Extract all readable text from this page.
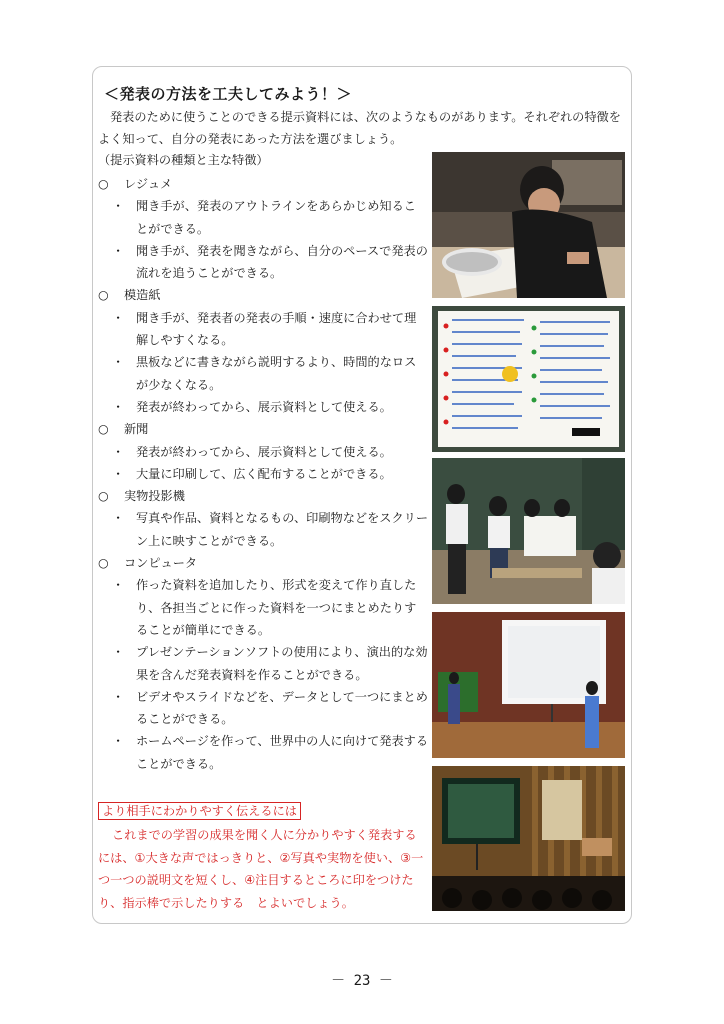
＜発表の方法を工夫してみよう！＞
発表のために使うことのできる提示資料には、次のようなものがあります。それぞれの特徴をよく知って、自分の発表にあった方法を選びましょう。
（提示資料の種類と主な特徴）
○	レジュメ
・ 聞き手が、発表のアウトラインをあらかじめ知ることができる。
・ 聞き手が、発表を聞きながら、自分のペースで発表の流れを追うことができる。
○	模造紙
・ 聞き手が、発表者の発表の手順・速度に合わせて理解しやすくなる。
・ 黒板などに書きながら説明するより、時間的なロスが少なくなる。
・ 発表が終わってから、展示資料として使える。
○	新聞
・ 発表が終わってから、展示資料として使える。
・ 大量に印刷して、広く配布することができる。
○	実物投影機
・ 写真や作品、資料となるもの、印刷物などをスクリーン上に映すことができる。
○	コンピュータ
・ 作った資料を追加したり、形式を変えて作り直したり、各担当ごとに作った資料を一つにまとめたりすることが簡単にできる。
・ プレゼンテーションソフトの使用により、演出的な効果を含んだ発表資料を作ることができる。
・ ビデオやスライドなどを、データとして一つにまとめることができる。
・ ホームページを作って、世界中の人に向けて発表することができる。
より相手にわかりやすく伝えるには
これまでの学習の成果を聞く人に分かりやすく発表するには、①大きな声ではっきりと、②写真や実物を使い、③一つ一つの説明文を短くし、④注目するところに印をつけたり、指示棒で示したりする　とよいでしょう。
－ 23 －
